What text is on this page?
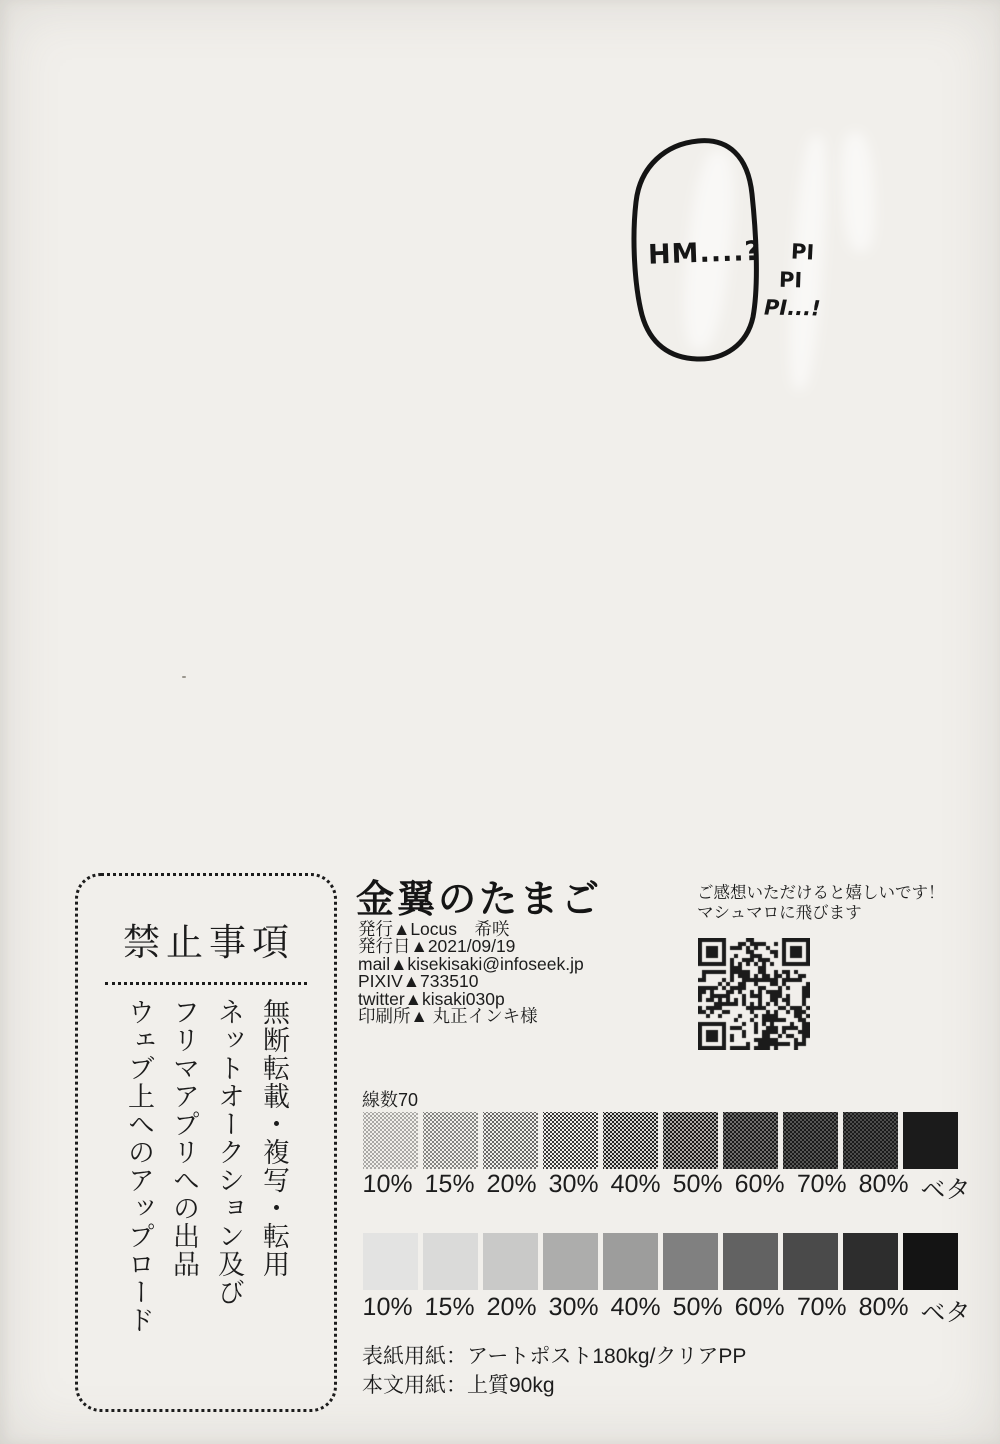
HM....? PI
PI
PI...!
禁止事項
無断転載・複写・転用
ネットオークション及び
フリマアプリへの出品
ウェブ上へのアップロード
金翼のたまご
発行▲Locus　希咲
発行日▲2021/09/19
mail▲kisekisaki@infoseek.jp
PIXIV▲733510
twitter▲kisaki030p
印刷所▲ 丸正インキ様
ご感想いただけると嬉しいです！
マシュマロに飛びます
線数70
10% 15% 20% 30% 40% 50% 60% 70% 80% ベタ
10% 15% 20% 30% 40% 50% 60% 70% 80% ベタ
表紙用紙：アートポスト180kg/クリアPP
本文用紙：上質90kg
